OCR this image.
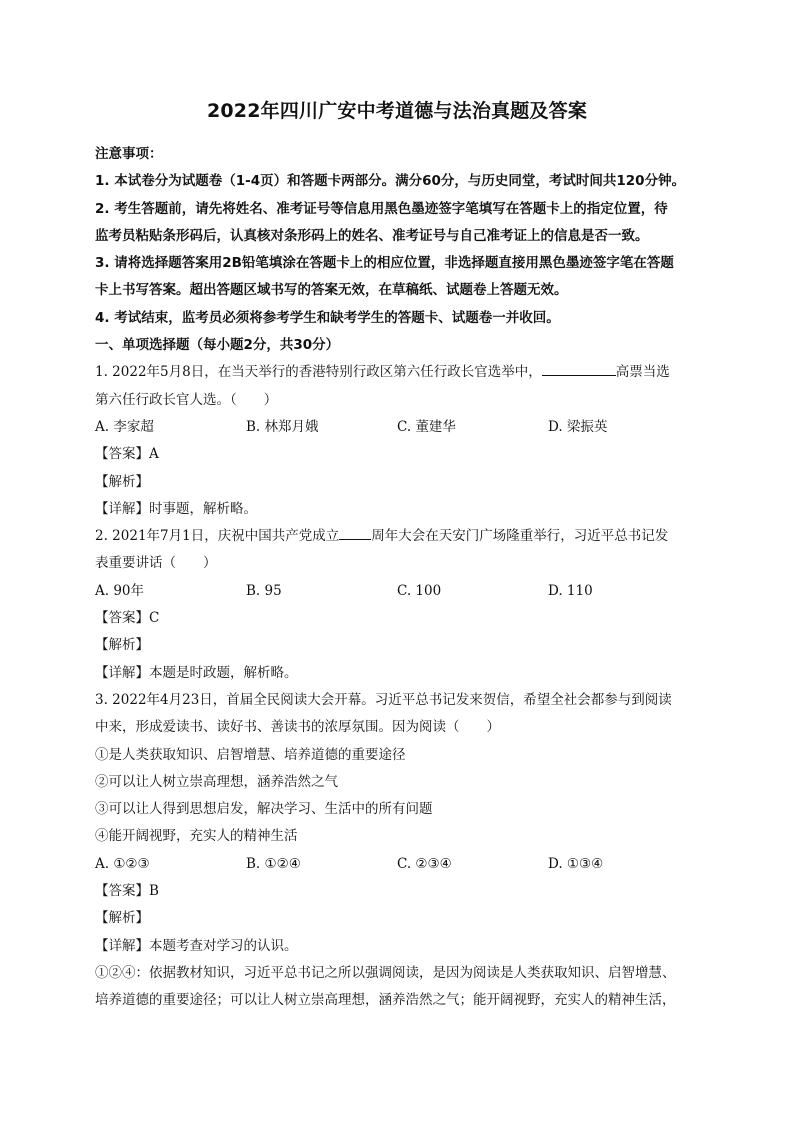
2022年四川广安中考道德与法治真题及答案

注意事项：

1. 本试卷分为试题卷（1-4页）和答题卡两部分。满分60分，与历史同堂，考试时间共120分钟。

2. 考生答题前，请先将姓名、准考证号等信息用黑色墨迹签字笔填写在答题卡上的指定位置，待

监考员粘贴条形码后，认真核对条形码上的姓名、准考证号与自己准考证上的信息是否一致。

3. 请将选择题答案用2B铅笔填涂在答题卡上的相应位置，非选择题直接用黑色墨迹签字笔在答题

卡上书写答案。超出答题区域书写的答案无效，在草稿纸、试题卷上答题无效。

4. 考试结束，监考员必须将参考学生和缺考学生的答题卡、试题卷一并收回。

一、单项选择题（每小题2分，共30分）

1. 2022年5月8日，在当天举行的香港特别行政区第六任行政长官选举中，	高票当选

第六任行政长官人选。（　　）

A. 李家超	B. 林郑月娥	C. 董建华	D. 梁振英

【答案】A

【解析】

【详解】时事题，解析略。

2. 2021年7月1日，庆祝中国共产党成立 周年大会在天安门广场隆重举行，习近平总书记发

表重要讲话（　　）

A. 90年	B. 95	C. 100	D. 110

【答案】C

【解析】

【详解】本题是时政题，解析略。

3. 2022年4月23日，首届全民阅读大会开幕。习近平总书记发来贺信，希望全社会都参与到阅读

中来，形成爱读书、读好书、善读书的浓厚氛围。因为阅读（　　）

①是人类获取知识、启智增慧、培养道德的重要途径

②可以让人树立崇高理想，涵养浩然之气

③可以让人得到思想启发，解决学习、生活中的所有问题

④能开阔视野，充实人的精神生活

A. ①②③	B. ①②④	C. ②③④	D. ①③④

【答案】B

【解析】

【详解】本题考查对学习的认识。

①②④：依据教材知识，习近平总书记之所以强调阅读，是因为阅读是人类获取知识、启智增慧、

培养道德的重要途径；可以让人树立崇高理想，涵养浩然之气；能开阔视野，充实人的精神生活，
